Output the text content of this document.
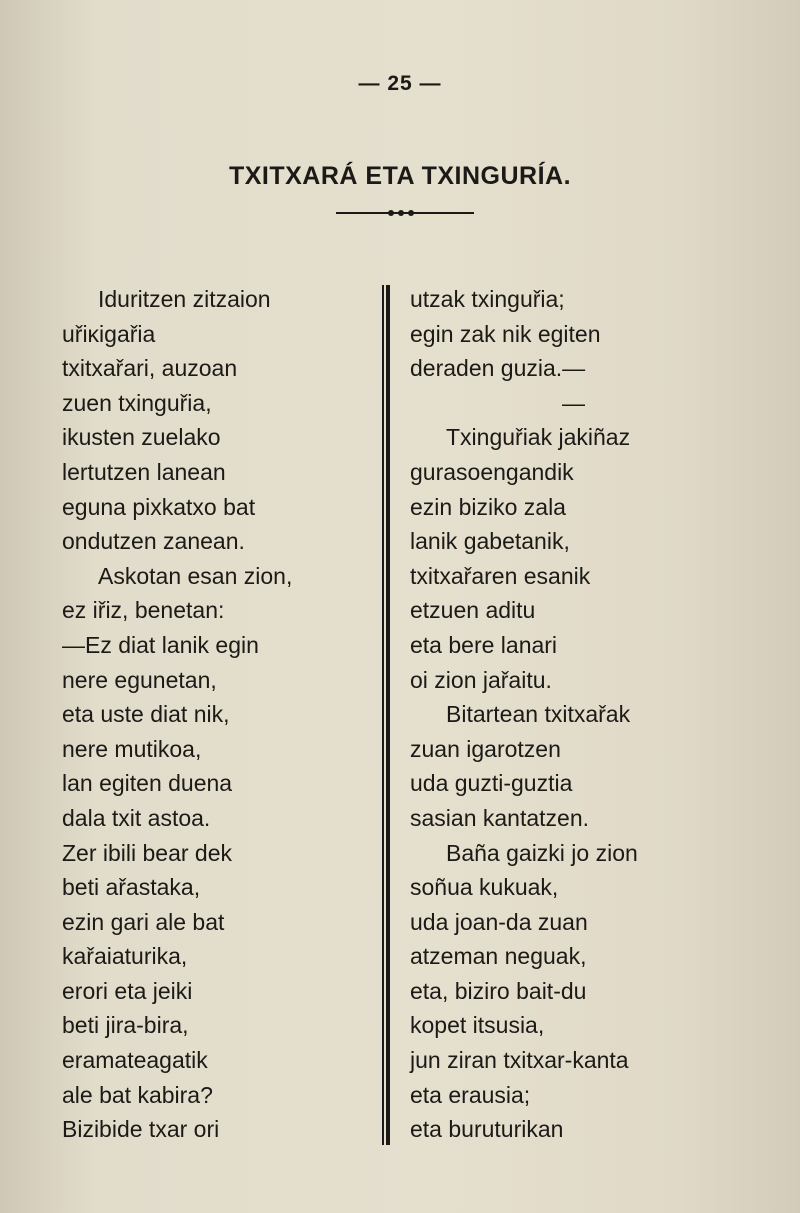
— 25 —
TXITXARÁ ETA TXINGURÍA.
Iduritzen zitzaion
uřiĸigařia
txitxařari, auzoan
zuen txinguřia,
ikusten zuelako
lertutzen lanean
eguna pixkatxo bat
ondutzen zanean.
Askotan esan zion,
ez iřiz, benetan:
—Ez diat lanik egin
nere egunetan,
eta uste diat nik,
nere mutikoa,
lan egiten duena
dala txit astoa.
Zer ibili bear dek
beti ařastaka,
ezin gari ale bat
kařaiaturika,
erori eta jeiki
beti jira-bira,
eramateagatik
ale bat kabira?
Bizibide txar ori
utzak txinguřia;
egin zak nik egiten
deraden guzia.—
—
Txinguřiak jakiñaz
gurasoengandik
ezin biziko zala
lanik gabetanik,
txitxařaren esanik
etzuen aditu
eta bere lanari
oi zion jařaitu.
Bitartean txitxařak
zuan igarotzen
uda guzti-guztia
sasian kantatzen.
Baña gaizki jo zion
soñua kukuak,
uda joan-da zuan
atzeman neguak,
eta, biziro bait-du
kopet itsusia,
jun ziran txitxar-kanta
eta erausia;
eta buruturikan
